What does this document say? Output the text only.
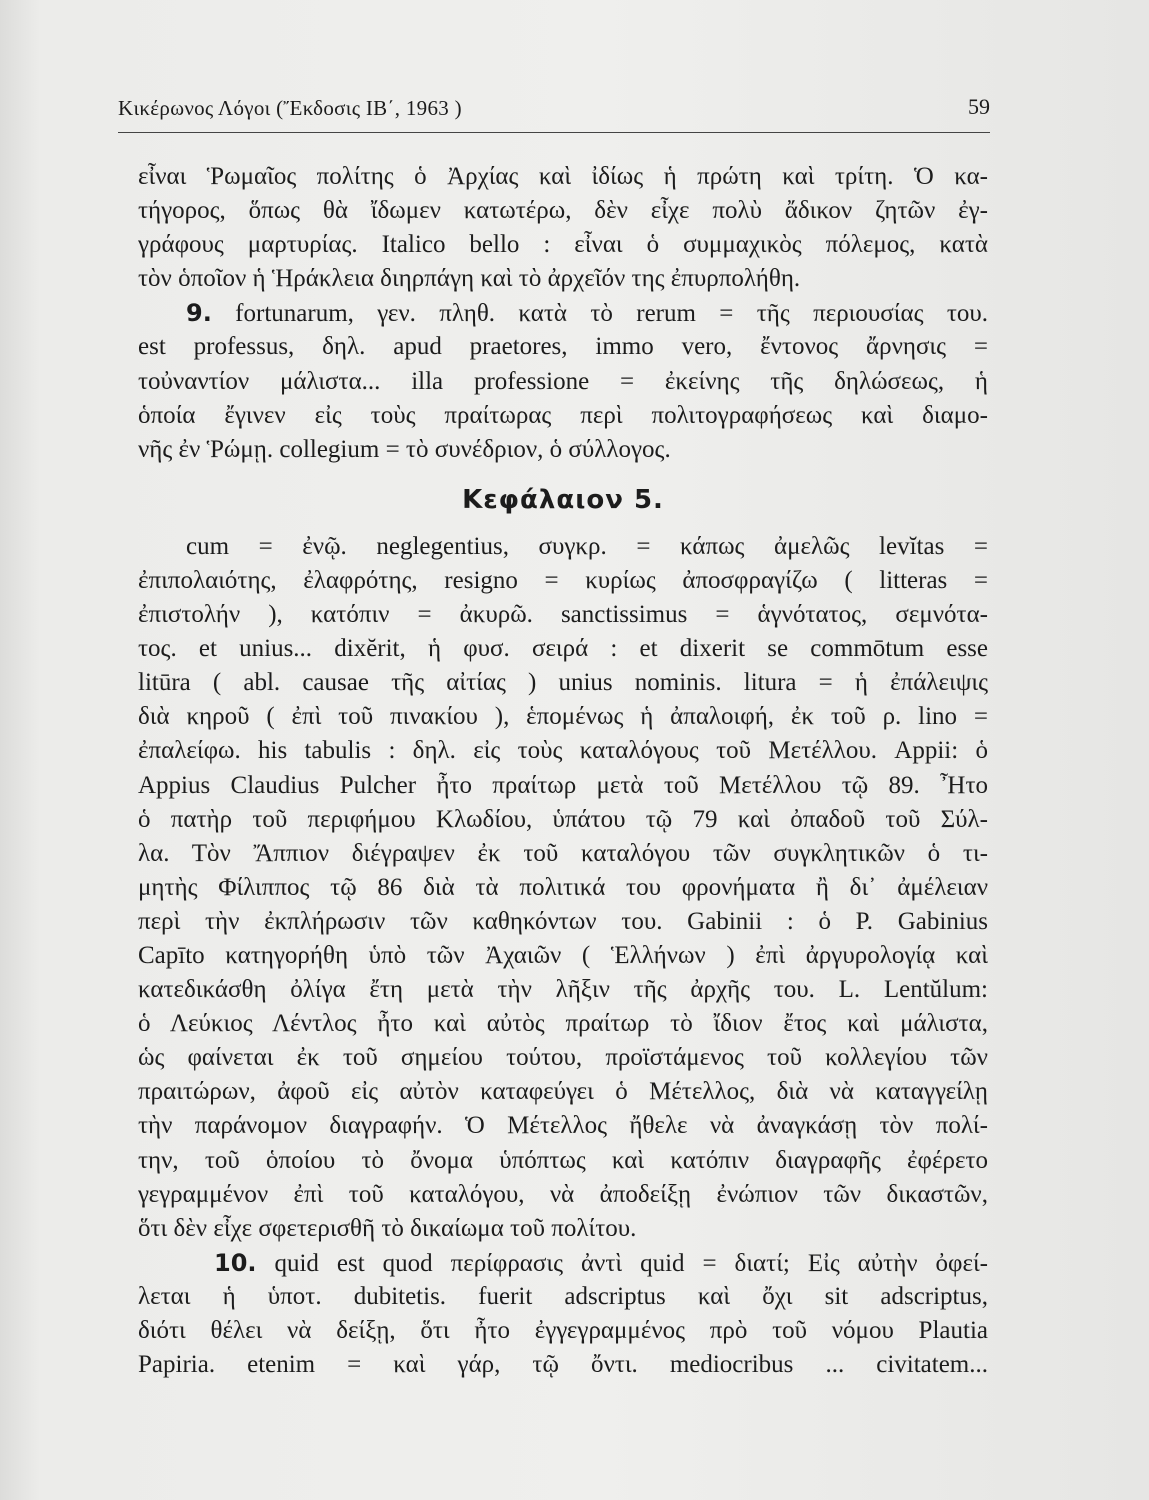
Κικέρωνος Λόγοι (Ἔκδοσις ΙΒ΄, 1963 )	59
εἶναι Ῥωμαῖος πολίτης ὁ Ἀρχίας καὶ ἰδίως ἡ πρώτη καὶ τρίτη. Ὁ κα-
τήγορος, ὅπως θὰ ἴδωμεν κατωτέρω, δὲν εἶχε πολὺ ἄδικον ζητῶν ἐγ-
γράφους μαρτυρίας. Italico bello : εἶναι ὁ συμμαχικὸς πόλεμος, κατὰ
τὸν ὁποῖον ἡ Ἡράκλεια διηρπάγη καὶ τὸ ἀρχεῖόν της ἐπυρπολήθη.
9. fortunarum, γεν. πληθ. κατὰ τὸ rerum = τῆς περιουσίας του.
est professus, δηλ. apud praetores, immo vero, ἔντονος ἄρνησις =
τοὐναντίον μάλιστα... illa professione = ἐκείνης τῆς δηλώσεως, ἡ
ὁποία ἔγινεν εἰς τοὺς πραίτωρας περὶ πολιτογραφήσεως καὶ διαμο-
νῆς ἐν Ῥώμῃ. collegium = τὸ συνέδριον, ὁ σύλλογος.
Κεφάλαιον 5.
cum = ἐνῷ. neglegentius, συγκρ. = κάπως ἀμελῶς levĭtas =
ἐπιπολαιότης, ἐλαφρότης, resigno = κυρίως ἀποσφραγίζω ( litteras =
ἐπιστολήν ), κατόπιν = ἀκυρῶ. sanctissimus = ἁγνότατος, σεμνότα-
τος. et unius... dixĕrit, ἡ φυσ. σειρά : et dixerit se commōtum esse
litūra ( abl. causae τῆς αἰτίας ) unius nominis. litura = ἡ ἐπάλειψις
διὰ κηροῦ ( ἐπὶ τοῦ πινακίου ), ἑπομένως ἡ ἀπαλοιφή, ἐκ τοῦ ρ. lino =
ἐπαλείφω. his tabulis : δηλ. εἰς τοὺς καταλόγους τοῦ Μετέλλου. Appii: ὁ
Appius Claudius Pulcher ἦτο πραίτωρ μετὰ τοῦ Μετέλλου τῷ 89. Ἦτο
ὁ πατὴρ τοῦ περιφήμου Κλωδίου, ὑπάτου τῷ 79 καὶ ὀπαδοῦ τοῦ Σύλ-
λα. Τὸν Ἄππιον διέγραψεν ἐκ τοῦ καταλόγου τῶν συγκλητικῶν ὁ τι-
μητὴς Φίλιππος τῷ 86 διὰ τὰ πολιτικά του φρονήματα ἢ δι᾽ ἀμέλειαν
περὶ τὴν ἐκπλήρωσιν τῶν καθηκόντων του. Gabinii : ὁ P. Gabinius
Capīto κατηγορήθη ὑπὸ τῶν Ἀχαιῶν ( Ἑλλήνων ) ἐπὶ ἀργυρολογίᾳ καὶ
κατεδικάσθη ὀλίγα ἔτη μετὰ τὴν λῆξιν τῆς ἀρχῆς του. L. Lentŭlum:
ὁ Λεύκιος Λέντλος ἦτο καὶ αὐτὸς πραίτωρ τὸ ἴδιον ἔτος καὶ μάλιστα,
ὡς φαίνεται ἐκ τοῦ σημείου τούτου, προϊστάμενος τοῦ κολλεγίου τῶν
πραιτώρων, ἀφοῦ εἰς αὐτὸν καταφεύγει ὁ Μέτελλος, διὰ νὰ καταγγείλῃ
τὴν παράνομον διαγραφήν. Ὁ Μέτελλος ἤθελε νὰ ἀναγκάσῃ τὸν πολί-
την, τοῦ ὁποίου τὸ ὄνομα ὑπόπτως καὶ κατόπιν διαγραφῆς ἐφέρετο
γεγραμμένον ἐπὶ τοῦ καταλόγου, νὰ ἀποδείξῃ ἐνώπιον τῶν δικαστῶν,
ὅτι δὲν εἶχε σφετερισθῆ τὸ δικαίωμα τοῦ πολίτου.
10. quid est quod περίφρασις ἀντὶ quid = διατί; Εἰς αὐτὴν ὀφεί-
λεται ἡ ὑποτ. dubitetis. fuerit adscriptus καὶ ὄχι sit adscriptus,
διότι θέλει νὰ δείξῃ, ὅτι ἦτο ἐγγεγραμμένος πρὸ τοῦ νόμου Plautia
Papiria. etenim = καὶ γάρ, τῷ ὄντι. mediocribus ... civitatem...
